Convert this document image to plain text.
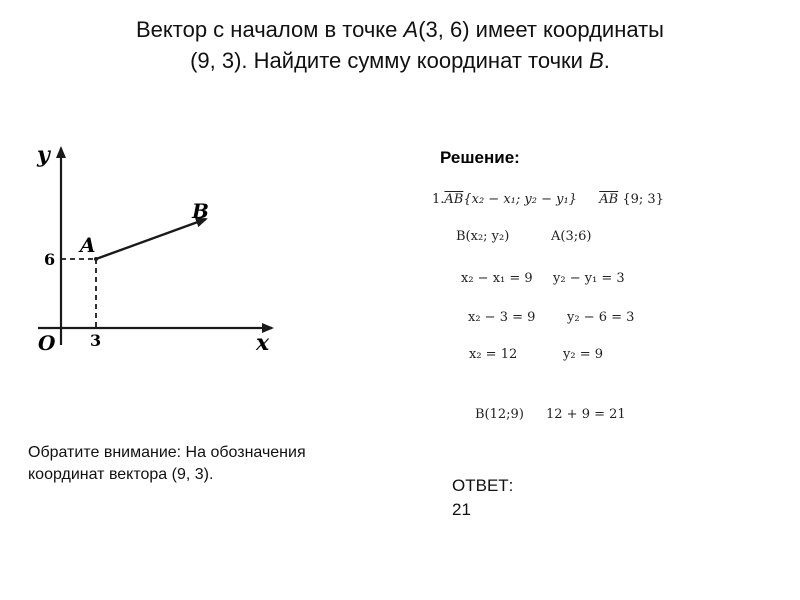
Вектор с началом в точке A(3, 6) имеет координаты
(9, 3). Найдите сумму координат точки B.
y
x
O
6
3
A
B
Обратите внимание: На обозначения
координат вектора (9, 3).
Решение:
$1.\overline{AB}\{x_2 - x_1$; y₂ − y₁} $\overline{AB}$ {9; 3}
B(x₂; y₂)	A(3;6)
x₂ − x₁ = 9 y₂ − y₁ = 3
x₂ − 3 = 9 y₂ − 6 = 3
x₂ = 12	y₂ = 9
B(12;9) 12 + 9 = 21
ОТВЕТ:
21
